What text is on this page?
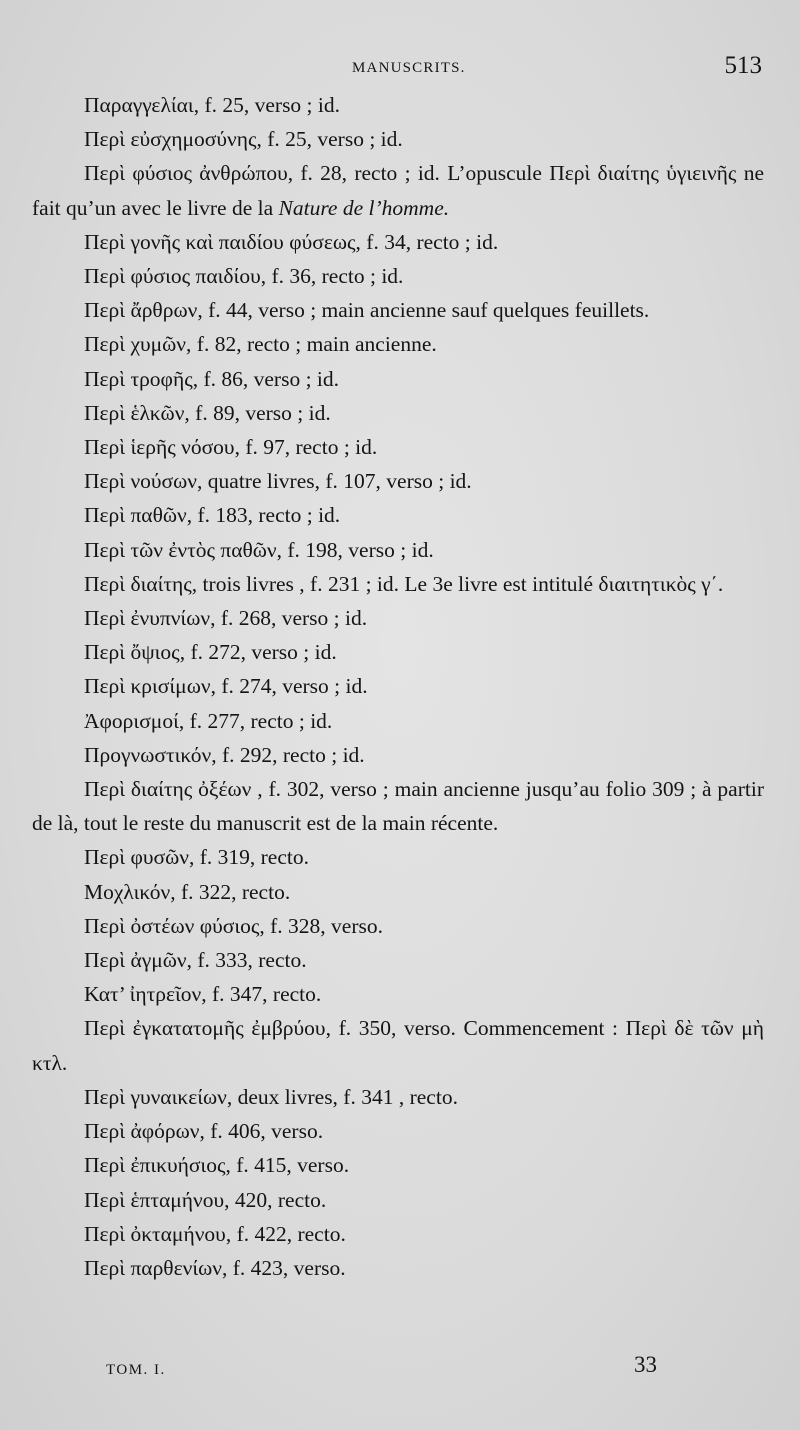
MANUSCRITS.	513

Παραγγελίαι, f. 25, verso ; id.

Περὶ εὐσχημοσύνης, f. 25, verso ; id.

Περὶ φύσιος ἀνθρώπου, f. 28, recto ; id. L’opuscule Περὶ διαίτης ὑγιεινῆς ne fait qu’un avec le livre de la Nature de l’homme.

Περὶ γονῆς καὶ παιδίου φύσεως, f. 34, recto ; id.

Περὶ φύσιος παιδίου, f. 36, recto ; id.

Περὶ ἄρθρων, f. 44, verso ; main ancienne sauf quelques feuillets.

Περὶ χυμῶν, f. 82, recto ; main ancienne.

Περὶ τροφῆς, f. 86, verso ; id.

Περὶ ἑλκῶν, f. 89, verso ; id.

Περὶ ἱερῆς νόσου, f. 97, recto ; id.

Περὶ νούσων, quatre livres, f. 107, verso ; id.

Περὶ παθῶν, f. 183, recto ; id.

Περὶ τῶν ἐντὸς παθῶν, f. 198, verso ; id.

Περὶ διαίτης, trois livres , f. 231 ; id. Le 3e livre est intitulé διαιτητικὸς γ΄.

Περὶ ἐνυπνίων, f. 268, verso ; id.

Περὶ ὄψιος, f. 272, verso ; id.

Περὶ κρισίμων, f. 274, verso ; id.

Ἀφορισμοί, f. 277, recto ; id.

Προγνωστικόν, f. 292, recto ; id.

Περὶ διαίτης ὀξέων , f. 302, verso ; main ancienne jusqu’au folio 309 ; à partir de là, tout le reste du manuscrit est de la main récente.

Περὶ φυσῶν, f. 319, recto.

Μοχλικόν, f. 322, recto.

Περὶ ὀστέων φύσιος, f. 328, verso.

Περὶ ἀγμῶν, f. 333, recto.

Κατ’ ἰητρεῖον, f. 347, recto.

Περὶ ἐγκατατομῆς ἐμβρύου, f. 350, verso. Commencement : Περὶ δὲ τῶν μὴ κτλ.

Περὶ γυναικείων, deux livres, f. 341 , recto.

Περὶ ἀφόρων, f. 406, verso.

Περὶ ἐπικυήσιος, f. 415, verso.

Περὶ ἑπταμήνου, 420, recto.

Περὶ ὀκταμήνου, f. 422, recto.

Περὶ παρθενίων, f. 423, verso.

TOM. I.	33
